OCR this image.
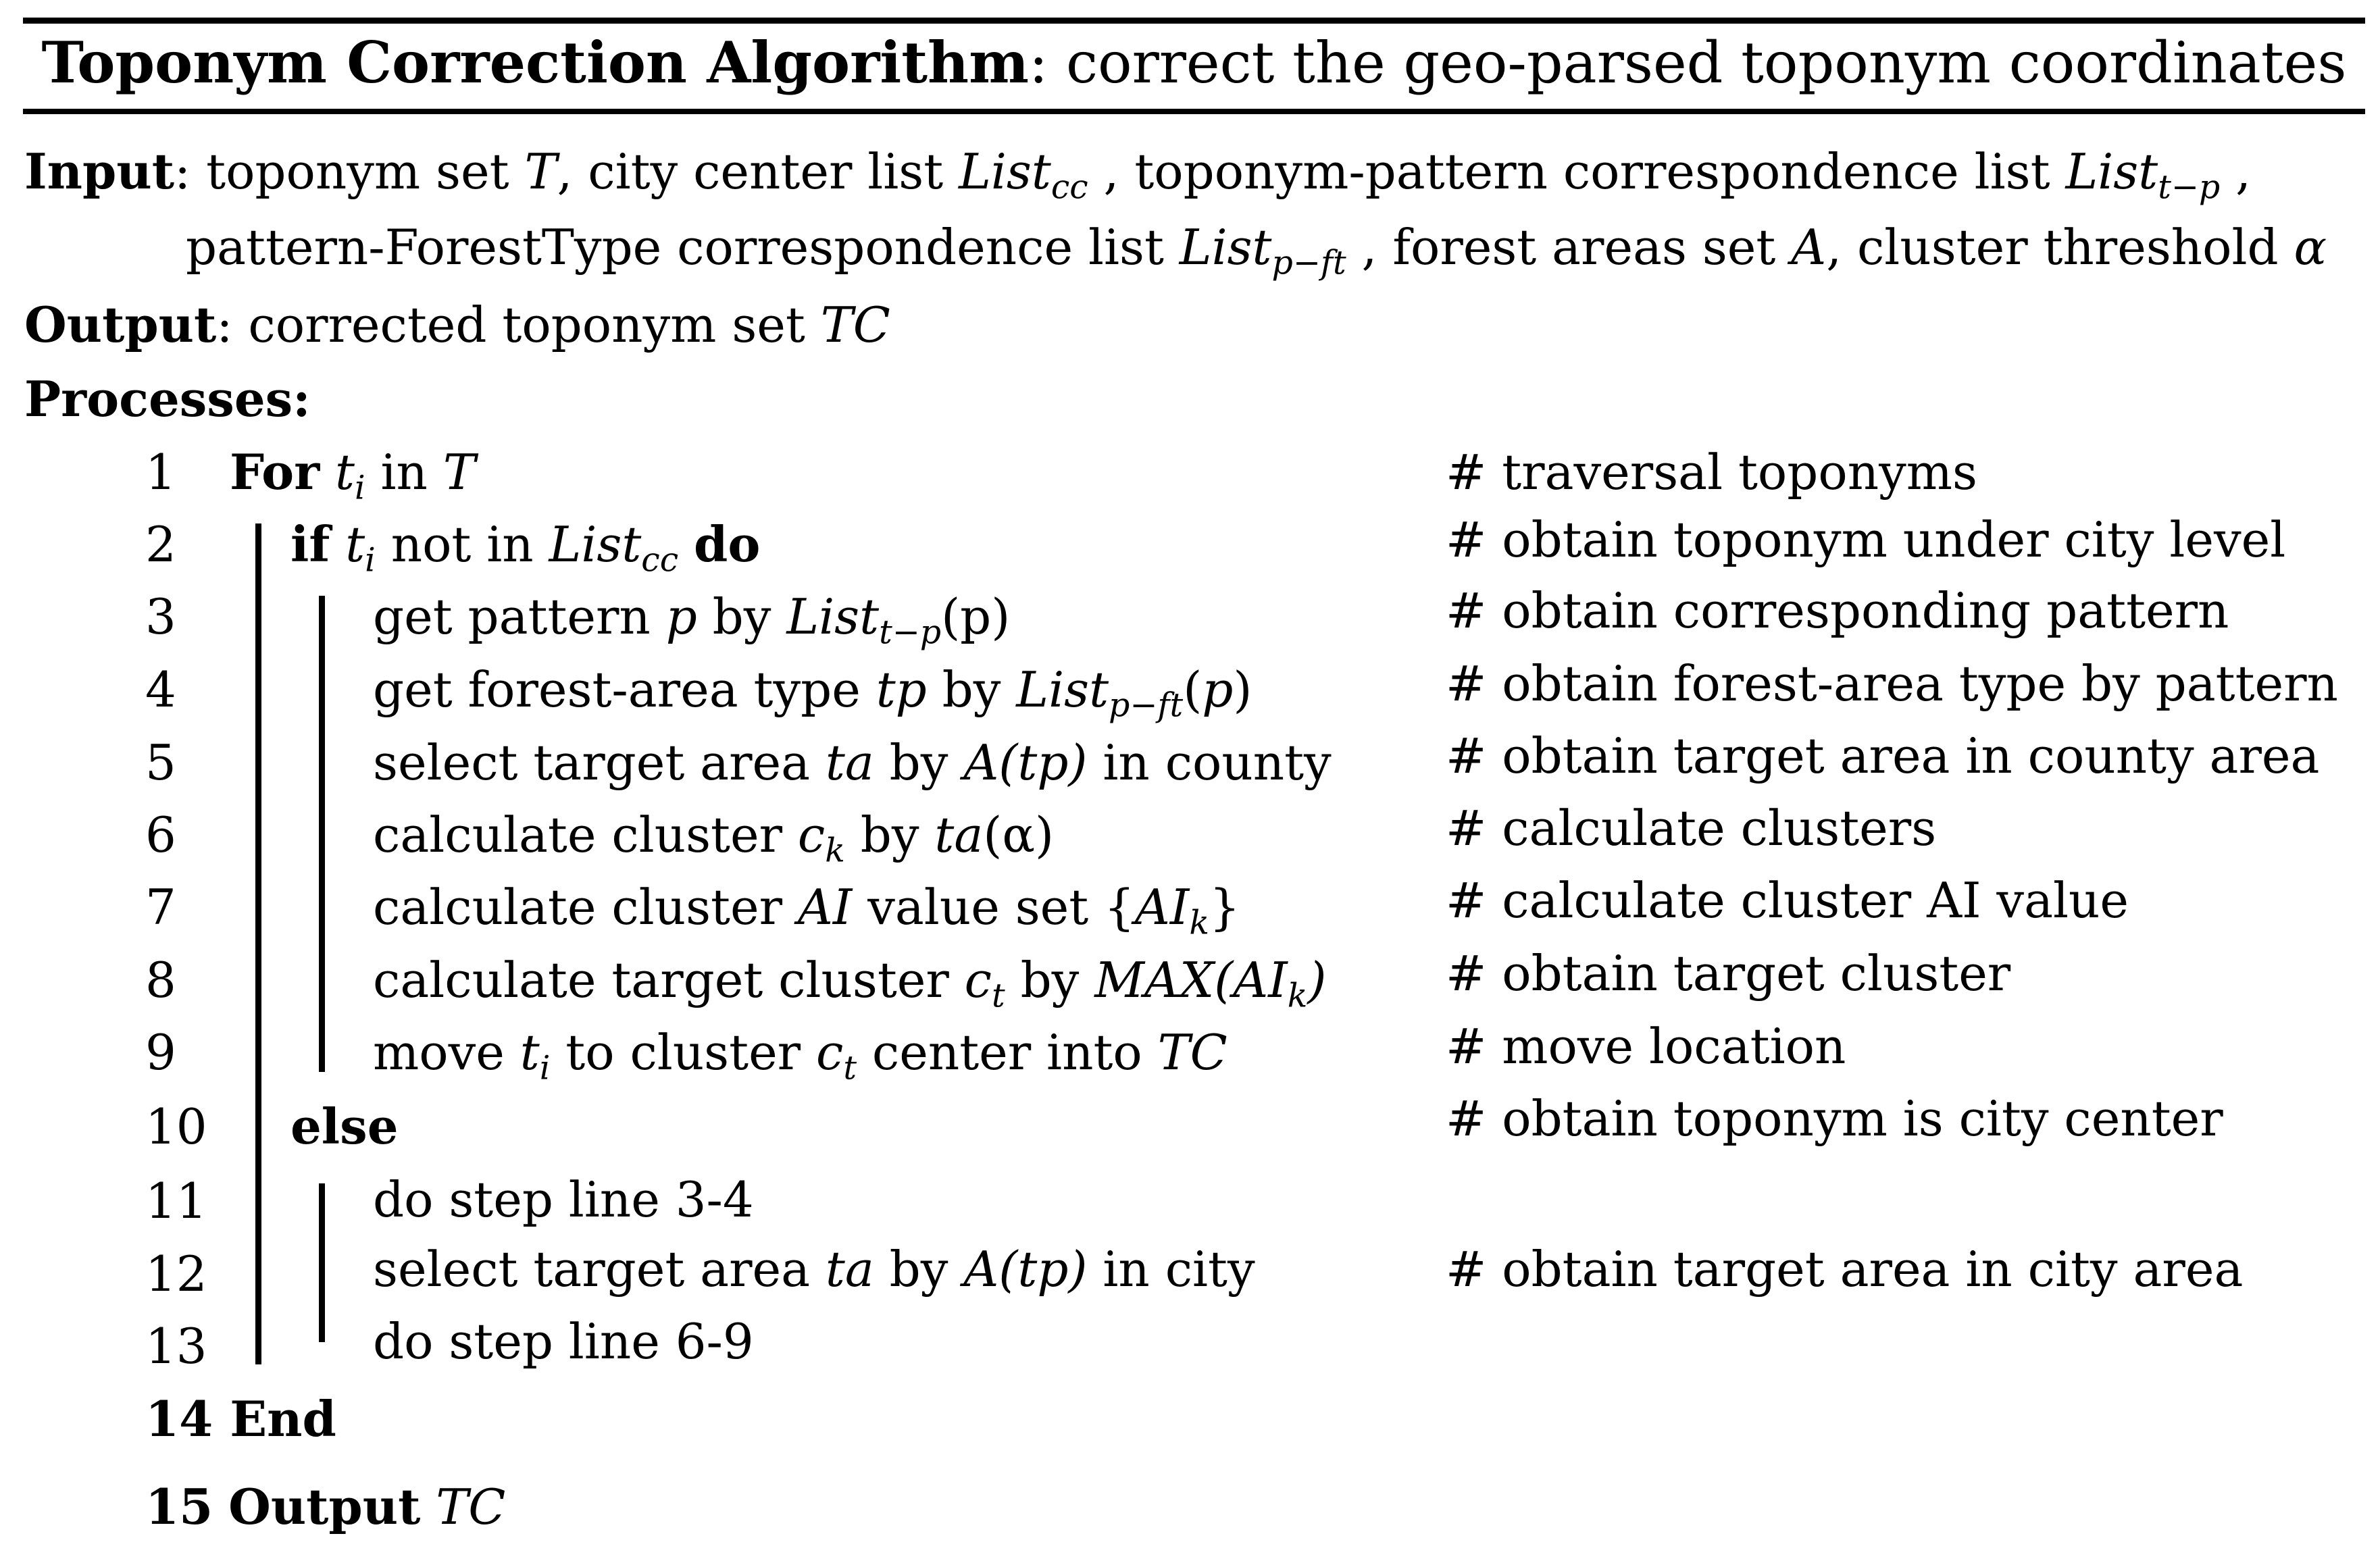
Toponym Correction Algorithm: correct the geo-parsed toponym coordinates
Input: toponym set T, city center list List$_{cc}$ , toponym-pattern correspondence list List$_{t-p}$ ,
pattern-ForestType correspondence list List$_{p-ft}$ , forest areas set A, cluster threshold α
Output: corrected toponym set TC
Processes:
1 For $t_i$ in T	# traversal toponyms
2 if $t_i$ not in List$_{cc}$ do	# obtain toponym under city level
3	get pattern p by List$_{t-p}$(p)	# obtain corresponding pattern
4	get forest-area type tp by List$_{p-ft}$(p)	# obtain forest-area type by pattern
5	select target area ta by A(tp) in county # obtain target area in county area
6	calculate cluster $c_k$ by ta(α)	# calculate clusters
7	calculate cluster AI value set $\{AI_k\}$	# calculate cluster AI value
8	calculate target cluster $c_t$ by $MAX(AI_k)$ # obtain target cluster
9	move $t_i$ to cluster $c_t$ center into TC	# move location
10 else	# obtain toponym is city center
11	do step line 3-4
12	select target area ta by A(tp) in city	# obtain target area in city area
13	do step line 6-9
14 End
15 Output TC
